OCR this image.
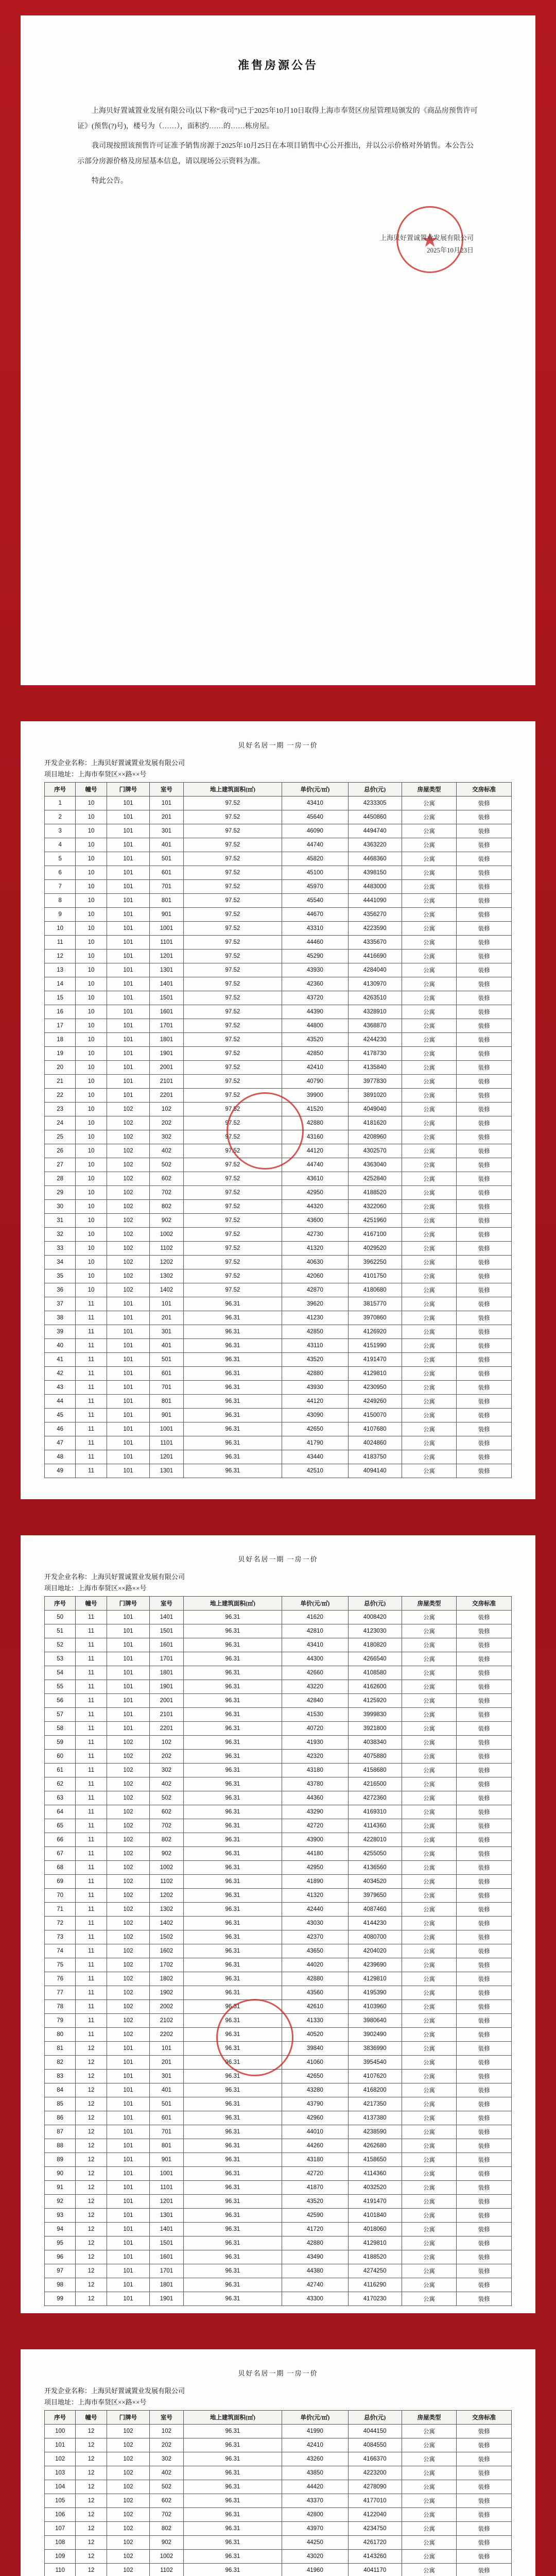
准售房源公告

上海贝好置诚置业发展有限公司(以下称“我司”)已于2025年10月10日取得上海市奉贤区房屋管理局颁发的《商品房预售许可证》(预售(?)号)，楼号为（……），面积约……的……栋房屋。

我司现按照该预售许可证准予销售房源于2025年10月25日在本项目销售中心公开推出，并以公示价格对外销售。本公告公示部分房源价格及房屋基本信息，请以现场公示资料为准。

特此公告。

上海贝好置诚置业发展有限公司
2025年10月23日
贝好名居一期 一房一价
开发企业名称： 上海贝好置诚置业发展有限公司
项目地址： 上海市奉贤区××路××号
序号	幢号	门牌号	室号	地上建筑面积(㎡)	单价(元/㎡)	总价(元)	房屋类型	交房标准
1	10	101	101	97.52	43410	4233305	公寓	装修
2	10	101	201	97.52	45640	4450860	公寓	装修
3	10	101	301	97.52	46090	4494740	公寓	装修
4	10	101	401	97.52	44740	4363220	公寓	装修
5	10	101	501	97.52	45820	4468360	公寓	装修
6	10	101	601	97.52	45100	4398150	公寓	装修
7	10	101	701	97.52	45970	4483000	公寓	装修
8	10	101	801	97.52	45540	4441090	公寓	装修
9	10	101	901	97.52	44670	4356270	公寓	装修
10	10	101	1001	97.52	43310	4223590	公寓	装修
11	10	101	1101	97.52	44460	4335670	公寓	装修
12	10	101	1201	97.52	45290	4416690	公寓	装修
13	10	101	1301	97.52	43930	4284040	公寓	装修
14	10	101	1401	97.52	42360	4130970	公寓	装修
15	10	101	1501	97.52	43720	4263510	公寓	装修
16	10	101	1601	97.52	44390	4328910	公寓	装修
17	10	101	1701	97.52	44800	4368870	公寓	装修
18	10	101	1801	97.52	43520	4244230	公寓	装修
19	10	101	1901	97.52	42850	4178730	公寓	装修
20	10	101	2001	97.52	42410	4135840	公寓	装修
21	10	101	2101	97.52	40790	3977830	公寓	装修
22	10	101	2201	97.52	39900	3891020	公寓	装修
23	10	102	102	97.52	41520	4049040	公寓	装修
24	10	102	202	97.52	42880	4181620	公寓	装修
25	10	102	302	97.52	43160	4208960	公寓	装修
26	10	102	402	97.52	44120	4302570	公寓	装修
27	10	102	502	97.52	44740	4363040	公寓	装修
28	10	102	602	97.52	43610	4252840	公寓	装修
29	10	102	702	97.52	42950	4188520	公寓	装修
30	10	102	802	97.52	44320	4322060	公寓	装修
31	10	102	902	97.52	43600	4251960	公寓	装修
32	10	102	1002	97.52	42730	4167100	公寓	装修
33	10	102	1102	97.52	41320	4029520	公寓	装修
34	10	102	1202	97.52	40630	3962250	公寓	装修
35	10	102	1302	97.52	42060	4101750	公寓	装修
36	10	102	1402	97.52	42870	4180680	公寓	装修
37	11	101	101	96.31	39620	3815770	公寓	装修
38	11	101	201	96.31	41230	3970860	公寓	装修
39	11	101	301	96.31	42850	4126920	公寓	装修
40	11	101	401	96.31	43110	4151990	公寓	装修
41	11	101	501	96.31	43520	4191470	公寓	装修
42	11	101	601	96.31	42880	4129810	公寓	装修
43	11	101	701	96.31	43930	4230950	公寓	装修
44	11	101	801	96.31	44120	4249260	公寓	装修
45	11	101	901	96.31	43090	4150070	公寓	装修
46	11	101	1001	96.31	42650	4107680	公寓	装修
47	11	101	1101	96.31	41790	4024860	公寓	装修
48	11	101	1201	96.31	43440	4183750	公寓	装修
49	11	101	1301	96.31	42510	4094140	公寓	装修
贝好名居一期 一房一价
开发企业名称： 上海贝好置诚置业发展有限公司
项目地址： 上海市奉贤区××路××号
序号	幢号	门牌号	室号	地上建筑面积(㎡)	单价(元/㎡)	总价(元)	房屋类型	交房标准
50	11	101	1401	96.31	41620	4008420	公寓	装修
51	11	101	1501	96.31	42810	4123030	公寓	装修
52	11	101	1601	96.31	43410	4180820	公寓	装修
53	11	101	1701	96.31	44300	4266540	公寓	装修
54	11	101	1801	96.31	42660	4108580	公寓	装修
55	11	101	1901	96.31	43220	4162600	公寓	装修
56	11	101	2001	96.31	42840	4125920	公寓	装修
57	11	101	2101	96.31	41530	3999830	公寓	装修
58	11	101	2201	96.31	40720	3921800	公寓	装修
59	11	102	102	96.31	41930	4038340	公寓	装修
60	11	102	202	96.31	42320	4075880	公寓	装修
61	11	102	302	96.31	43180	4158680	公寓	装修
62	11	102	402	96.31	43780	4216500	公寓	装修
63	11	102	502	96.31	44360	4272360	公寓	装修
64	11	102	602	96.31	43290	4169310	公寓	装修
65	11	102	702	96.31	42720	4114360	公寓	装修
66	11	102	802	96.31	43900	4228010	公寓	装修
67	11	102	902	96.31	44180	4255050	公寓	装修
68	11	102	1002	96.31	42950	4136560	公寓	装修
69	11	102	1102	96.31	41890	4034520	公寓	装修
70	11	102	1202	96.31	41320	3979650	公寓	装修
71	11	102	1302	96.31	42440	4087460	公寓	装修
72	11	102	1402	96.31	43030	4144230	公寓	装修
73	11	102	1502	96.31	42370	4080700	公寓	装修
74	11	102	1602	96.31	43650	4204020	公寓	装修
75	11	102	1702	96.31	44020	4239690	公寓	装修
76	11	102	1802	96.31	42880	4129810	公寓	装修
77	11	102	1902	96.31	43560	4195390	公寓	装修
78	11	102	2002	96.31	42610	4103960	公寓	装修
79	11	102	2102	96.31	41330	3980640	公寓	装修
80	11	102	2202	96.31	40520	3902490	公寓	装修
81	12	101	101	96.31	39840	3836990	公寓	装修
82	12	101	201	96.31	41060	3954540	公寓	装修
83	12	101	301	96.31	42650	4107620	公寓	装修
84	12	101	401	96.31	43280	4168200	公寓	装修
85	12	101	501	96.31	43790	4217350	公寓	装修
86	12	101	601	96.31	42960	4137380	公寓	装修
87	12	101	701	96.31	44010	4238590	公寓	装修
88	12	101	801	96.31	44260	4262680	公寓	装修
89	12	101	901	96.31	43180	4158650	公寓	装修
90	12	101	1001	96.31	42720	4114360	公寓	装修
91	12	101	1101	96.31	41870	4032520	公寓	装修
92	12	101	1201	96.31	43520	4191470	公寓	装修
93	12	101	1301	96.31	42590	4101840	公寓	装修
94	12	101	1401	96.31	41720	4018060	公寓	装修
95	12	101	1501	96.31	42880	4129810	公寓	装修
96	12	101	1601	96.31	43490	4188520	公寓	装修
97	12	101	1701	96.31	44380	4274250	公寓	装修
98	12	101	1801	96.31	42740	4116290	公寓	装修
99	12	101	1901	96.31	43300	4170230	公寓	装修
贝好名居一期 一房一价
开发企业名称： 上海贝好置诚置业发展有限公司
项目地址： 上海市奉贤区××路××号
序号	幢号	门牌号	室号	地上建筑面积(㎡)	单价(元/㎡)	总价(元)	房屋类型	交房标准
100	12	102	102	96.31	41990	4044150	公寓	装修
101	12	102	202	96.31	42410	4084550	公寓	装修
102	12	102	302	96.31	43260	4166370	公寓	装修
103	12	102	402	96.31	43850	4223200	公寓	装修
104	12	102	502	96.31	44420	4278090	公寓	装修
105	12	102	602	96.31	43370	4177010	公寓	装修
106	12	102	702	96.31	42800	4122040	公寓	装修
107	12	102	802	96.31	43970	4234750	公寓	装修
108	12	102	902	96.31	44250	4261720	公寓	装修
109	12	102	1002	96.31	43020	4143260	公寓	装修
110	12	102	1102	96.31	41960	4041170	公寓	装修
